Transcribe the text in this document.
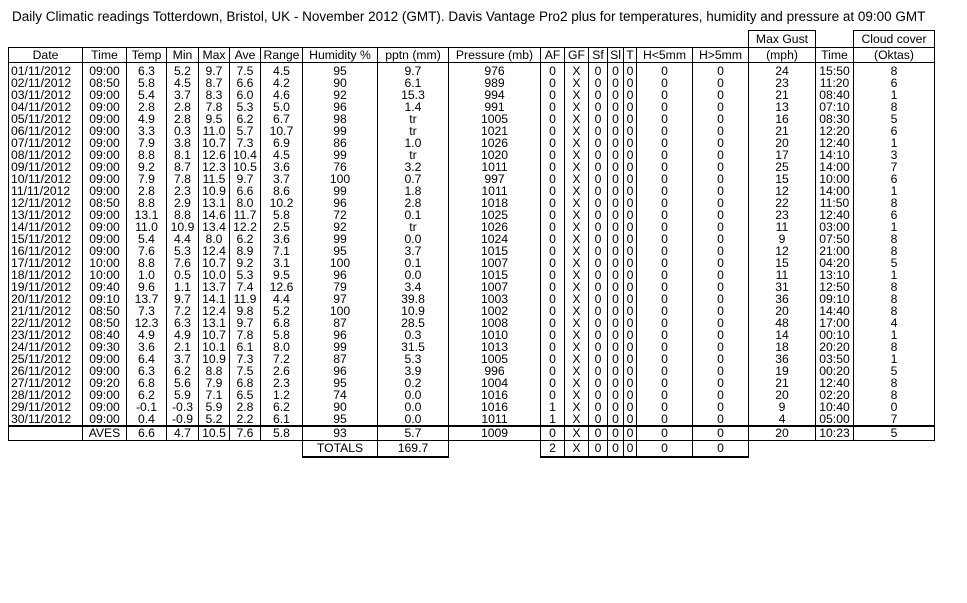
Daily Climatic readings Totterdown, Bristol, UK - November 2012 (GMT). Davis Vantage Pro2 plus for temperatures, humidity and pressure at 09:00 GMT
																	Max Gust		Cloud cover
Date	Time	Temp	Min	Max	Ave	Range	Humidity %	pptn (mm)	Pressure (mb)	AF	GF	Sf	Sl	T	H<5mm	H>5mm	(mph)	Time	(Oktas)
01/11/2012	09:00	6.3	5.2	9.7	7.5	4.5	95	9.7	976	0	X	0	0	0	0	0	24	15:50	8
02/11/2012	08:50	5.8	4.5	8.7	6.6	4.2	90	6.1	989	0	X	0	0	0	0	0	23	11:20	6
03/11/2012	09:00	5.4	3.7	8.3	6.0	4.6	92	15.3	994	0	X	0	0	0	0	0	21	08:40	1
04/11/2012	09:00	2.8	2.8	7.8	5.3	5.0	96	1.4	991	0	X	0	0	0	0	0	13	07:10	8
05/11/2012	09:00	4.9	2.8	9.5	6.2	6.7	98	tr	1005	0	X	0	0	0	0	0	16	08:30	5
06/11/2012	09:00	3.3	0.3	11.0	5.7	10.7	99	tr	1021	0	X	0	0	0	0	0	21	12:20	6
07/11/2012	09:00	7.9	3.8	10.7	7.3	6.9	86	1.0	1026	0	X	0	0	0	0	0	20	12:40	1
08/11/2012	09:00	8.8	8.1	12.6	10.4	4.5	99	tr	1020	0	X	0	0	0	0	0	17	14:10	3
09/11/2012	09:00	9.2	8.7	12.3	10.5	3.6	76	3.2	1011	0	X	0	0	0	0	0	25	14:00	7
10/11/2012	09:00	7.9	7.8	11.5	9.7	3.7	100	0.7	997	0	X	0	0	0	0	0	15	10:00	6
11/11/2012	09:00	2.8	2.3	10.9	6.6	8.6	99	1.8	1011	0	X	0	0	0	0	0	12	14:00	1
12/11/2012	08:50	8.8	2.9	13.1	8.0	10.2	96	2.8	1018	0	X	0	0	0	0	0	22	11:50	8
13/11/2012	09:00	13.1	8.8	14.6	11.7	5.8	72	0.1	1025	0	X	0	0	0	0	0	23	12:40	6
14/11/2012	09:00	11.0	10.9	13.4	12.2	2.5	92	tr	1026	0	X	0	0	0	0	0	11	03:00	1
15/11/2012	09:00	5.4	4.4	8.0	6.2	3.6	99	0.0	1024	0	X	0	0	0	0	0	9	07:50	8
16/11/2012	09:00	7.6	5.3	12.4	8.9	7.1	95	3.7	1015	0	X	0	0	0	0	0	12	21:00	8
17/11/2012	10:00	8.8	7.6	10.7	9.2	3.1	100	0.1	1007	0	X	0	0	0	0	0	15	04:20	5
18/11/2012	10:00	1.0	0.5	10.0	5.3	9.5	96	0.0	1015	0	X	0	0	0	0	0	11	13:10	1
19/11/2012	09:40	9.6	1.1	13.7	7.4	12.6	79	3.4	1007	0	X	0	0	0	0	0	31	12:50	8
20/11/2012	09:10	13.7	9.7	14.1	11.9	4.4	97	39.8	1003	0	X	0	0	0	0	0	36	09:10	8
21/11/2012	08:50	7.3	7.2	12.4	9.8	5.2	100	10.9	1002	0	X	0	0	0	0	0	20	14:40	8
22/11/2012	08:50	12.3	6.3	13.1	9.7	6.8	87	28.5	1008	0	X	0	0	0	0	0	48	17:00	4
23/11/2012	08:40	4.9	4.9	10.7	7.8	5.8	96	0.3	1010	0	X	0	0	0	0	0	14	00:10	1
24/11/2012	09:30	3.6	2.1	10.1	6.1	8.0	99	31.5	1013	0	X	0	0	0	0	0	18	20:20	8
25/11/2012	09:00	6.4	3.7	10.9	7.3	7.2	87	5.3	1005	0	X	0	0	0	0	0	36	03:50	1
26/11/2012	09:00	6.3	6.2	8.8	7.5	2.6	96	3.9	996	0	X	0	0	0	0	0	19	00:20	5
27/11/2012	09:20	6.8	5.6	7.9	6.8	2.3	95	0.2	1004	0	X	0	0	0	0	0	21	12:40	8
28/11/2012	09:00	6.2	5.9	7.1	6.5	1.2	74	0.0	1016	0	X	0	0	0	0	0	20	02:20	8
29/11/2012	09:00	-0.1	-0.3	5.9	2.8	6.2	90	0.0	1016	1	X	0	0	0	0	0	9	10:40	0
30/11/2012	09:00	0.4	-0.9	5.2	2.2	6.1	95	0.0	1011	1	X	0	0	0	0	0	4	05:00	7
	AVES	6.6	4.7	10.5	7.6	5.8	93	5.7	1009	0	X	0	0	0	0	0	20	10:23	5
							TOTALS	169.7		2	X	0	0	0	0	0			
